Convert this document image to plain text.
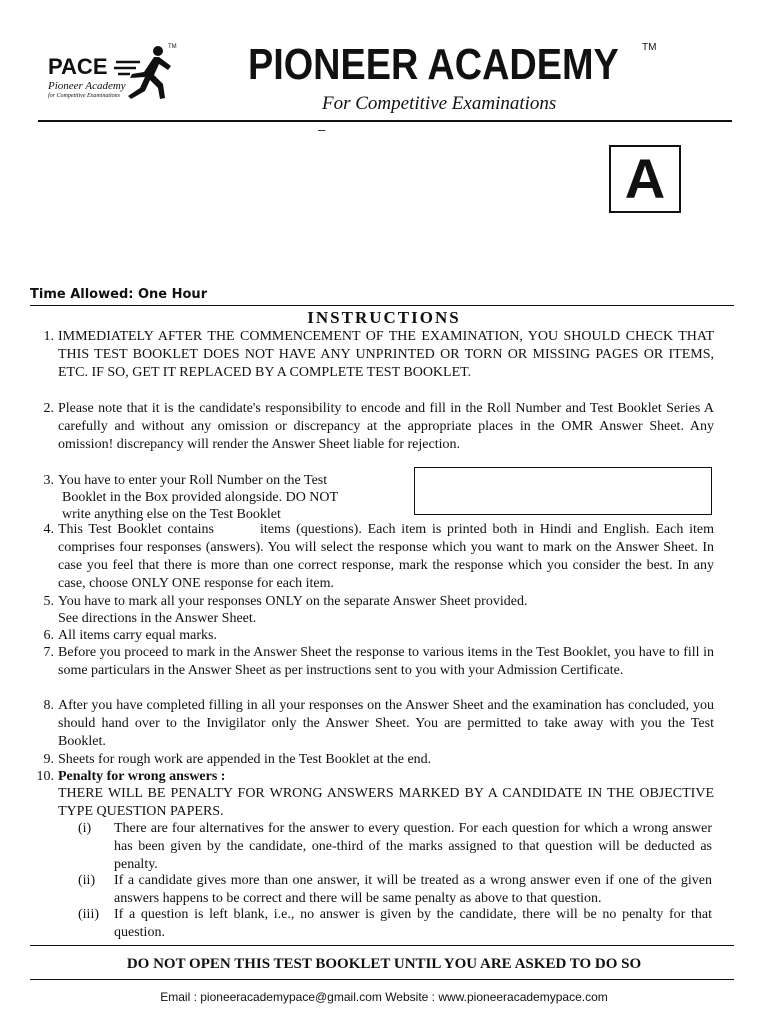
PACE
Pioneer Academy
for Competitive Examinations
TM PIONEER ACADEMY TM
For Competitive Examinations
–
A
Time Allowed: One Hour
INSTRUCTIONS
1. IMMEDIATELY AFTER THE COMMENCEMENT OF THE EXAMINATION, YOU SHOULD CHECK THAT THIS TEST BOOKLET DOES NOT HAVE ANY UNPRINTED OR TORN OR MISSING PAGES OR ITEMS, ETC. IF SO, GET IT REPLACED BY A COMPLETE TEST BOOKLET.
2. Please note that it is the candidate's responsibility to encode and fill in the Roll Number and Test Booklet Series A carefully and without any omission or discrepancy at the appropriate places in the OMR Answer Sheet. Any omission! discrepancy will render the Answer Sheet liable for rejection.
3. You have to enter your Roll Number on the Test
Booklet in the Box provided alongside. DO NOT
write anything else on the Test Booklet
4. This Test Booklet contains        items (questions). Each item is printed both in Hindi and English. Each item comprises four responses (answers). You will select the response which you want to mark on the Answer Sheet. In case you feel that there is more than one correct response, mark the response which you consider the best. In any case, choose ONLY ONE response for each item.
5. You have to mark all your responses ONLY on the separate Answer Sheet provided.
See directions in the Answer Sheet.
6. All items carry equal marks.
7. Before you proceed to mark in the Answer Sheet the response to various items in the Test Booklet, you have to fill in some particulars in the Answer Sheet as per instructions sent to you with your Admission Certificate.
8. After you have completed filling in all your responses on the Answer Sheet and the examination has concluded, you should hand over to the Invigilator only the Answer Sheet. You are permitted to take away with you the Test Booklet.
9. Sheets for rough work are appended in the Test Booklet at the end.
10. Penalty for wrong answers :
THERE WILL BE PENALTY FOR WRONG ANSWERS MARKED BY A CANDIDATE IN THE OBJECTIVE TYPE QUESTION PAPERS.
(i) There are four alternatives for the answer to every question. For each question for which a wrong answer has been given by the candidate, one-third of the marks assigned to that question will be deducted as penalty.
(ii) If a candidate gives more than one answer, it will be treated as a wrong answer even if one of the given answers happens to be correct and there will be same penalty as above to that question.
(iii) If a question is left blank, i.e., no answer is given by the candidate, there will be no penalty for that question.
DO NOT OPEN THIS TEST BOOKLET UNTIL YOU ARE ASKED TO DO SO
Email : pioneeracademypace@gmail.com Website : www.pioneeracademypace.com
